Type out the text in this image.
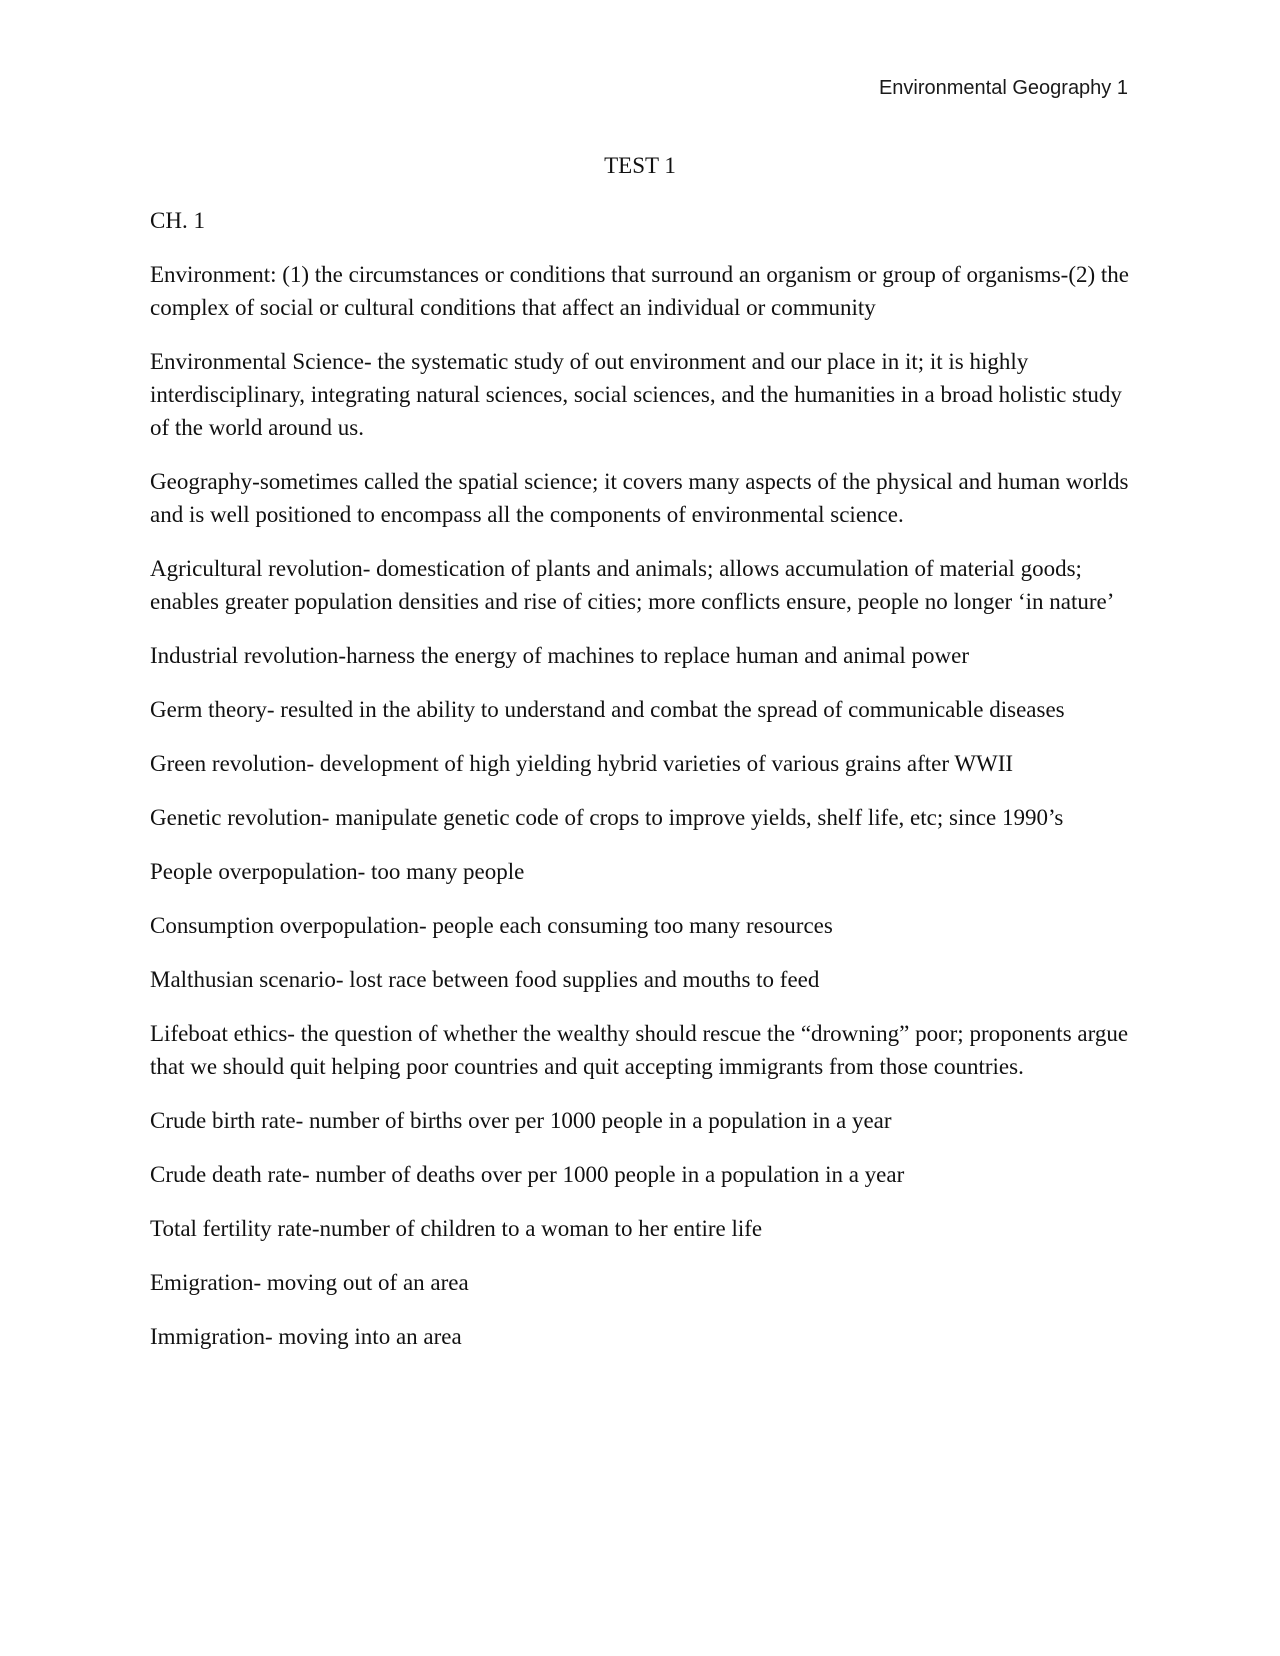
Environmental Geography 1
TEST 1

CH. 1

Environment: (1) the circumstances or conditions that surround an organism or group of organisms-(2) the complex of social or cultural conditions that affect an individual or community

Environmental Science- the systematic study of out environment and our place in it; it is highly interdisciplinary, integrating natural sciences, social sciences, and the humanities in a broad holistic study of the world around us.

Geography-sometimes called the spatial science; it covers many aspects of the physical and human worlds and is well positioned to encompass all the components of environmental science.

Agricultural revolution- domestication of plants and animals; allows accumulation of material goods; enables greater population densities and rise of cities; more conflicts ensure, people no longer ‘in nature’

Industrial revolution-harness the energy of machines to replace human and animal power

Germ theory- resulted in the ability to understand and combat the spread of communicable diseases

Green revolution- development of high yielding hybrid varieties of various grains after WWII

Genetic revolution- manipulate genetic code of crops to improve yields, shelf life, etc; since 1990’s

People overpopulation- too many people

Consumption overpopulation- people each consuming too many resources

Malthusian scenario- lost race between food supplies and mouths to feed

Lifeboat ethics- the question of whether the wealthy should rescue the “drowning” poor; proponents argue that we should quit helping poor countries and quit accepting immigrants from those countries.

Crude birth rate- number of births over per 1000 people in a population in a year

Crude death rate- number of deaths over per 1000 people in a population in a year

Total fertility rate-number of children to a woman to her entire life

Emigration- moving out of an area

Immigration- moving into an area
